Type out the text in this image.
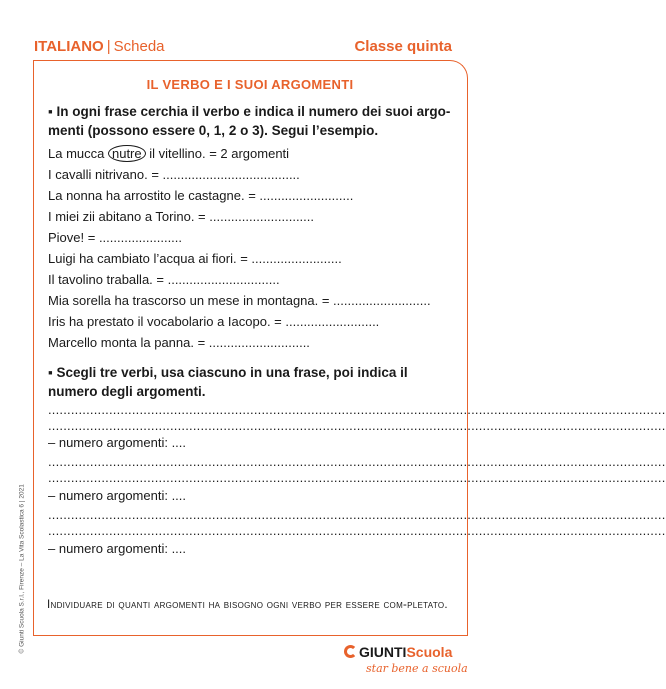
ITALIANO | Scheda	Classe quinta
IL VERBO E I SUOI ARGOMENTI
▪ In ogni frase cerchia il verbo e indica il numero dei suoi argo-menti (possono essere 0, 1, 2 o 3). Segui l’esempio.
La mucca nutre il vitellino. = 2 argomenti
I cavalli nitrivano. = ......................................
La nonna ha arrostito le castagne. = ..........................
I miei zii abitano a Torino. = .............................
Piove! = .......................
Luigi ha cambiato l’acqua ai fiori. = .........................
Il tavolino traballa. = ...............................
Mia sorella ha trascorso un mese in montagna. = ...........................
Iris ha prestato il vocabolario a Iacopo. = ..........................
Marcello monta la panna. = ............................
▪ Scegli tre verbi, usa ciascuno in una frase, poi indica il numero degli argomenti.
..................................................................................................................................................................
..................................................................................................................................................................
– numero argomenti: ....
..................................................................................................................................................................
..................................................................................................................................................................
– numero argomenti: ....
..................................................................................................................................................................
..................................................................................................................................................................
– numero argomenti: ....
Individuare di quanti argomenti ha bisogno ogni verbo per essere com-pletato.
© Giunti Scuola S.r.l., Firenze – La Vita Scolastica 6 | 2021	GIUNTIScuola
star bene a scuola
